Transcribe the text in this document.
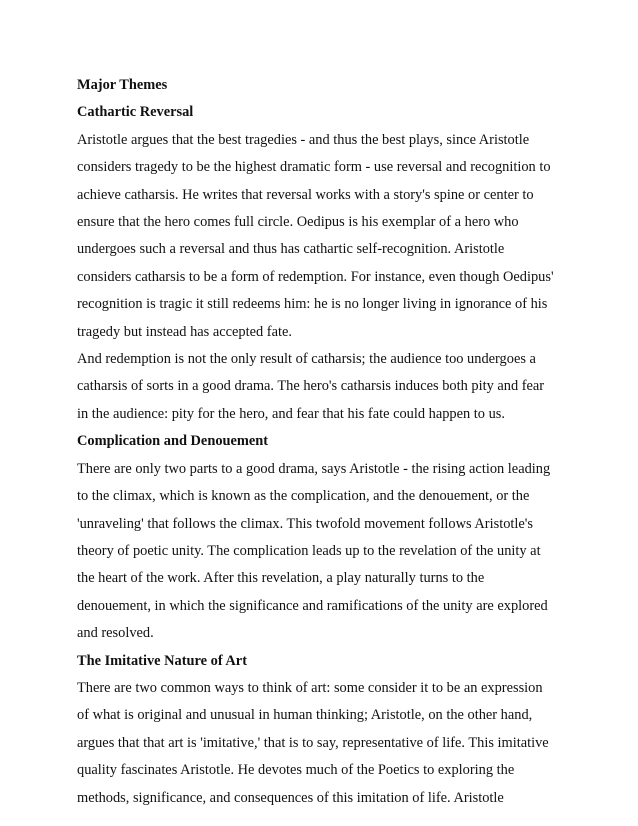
Major Themes

Cathartic Reversal

Aristotle argues that the best tragedies - and thus the best plays, since Aristotle
considers tragedy to be the highest dramatic form - use reversal and recognition to
achieve catharsis. He writes that reversal works with a story's spine or center to
ensure that the hero comes full circle. Oedipus is his exemplar of a hero who
undergoes such a reversal and thus has cathartic self-recognition. Aristotle
considers catharsis to be a form of redemption. For instance, even though Oedipus'
recognition is tragic it still redeems him: he is no longer living in ignorance of his
tragedy but instead has accepted fate.

And redemption is not the only result of catharsis; the audience too undergoes a
catharsis of sorts in a good drama. The hero's catharsis induces both pity and fear
in the audience: pity for the hero, and fear that his fate could happen to us.

Complication and Denouement

There are only two parts to a good drama, says Aristotle - the rising action leading
to the climax, which is known as the complication, and the denouement, or the
'unraveling' that follows the climax. This twofold movement follows Aristotle's
theory of poetic unity. The complication leads up to the revelation of the unity at
the heart of the work. After this revelation, a play naturally turns to the
denouement, in which the significance and ramifications of the unity are explored
and resolved.

The Imitative Nature of Art

There are two common ways to think of art: some consider it to be an expression
of what is original and unusual in human thinking; Aristotle, on the other hand,
argues that that art is 'imitative,' that is to say, representative of life. This imitative
quality fascinates Aristotle. He devotes much of the Poetics to exploring the
methods, significance, and consequences of this imitation of life. Aristotle
